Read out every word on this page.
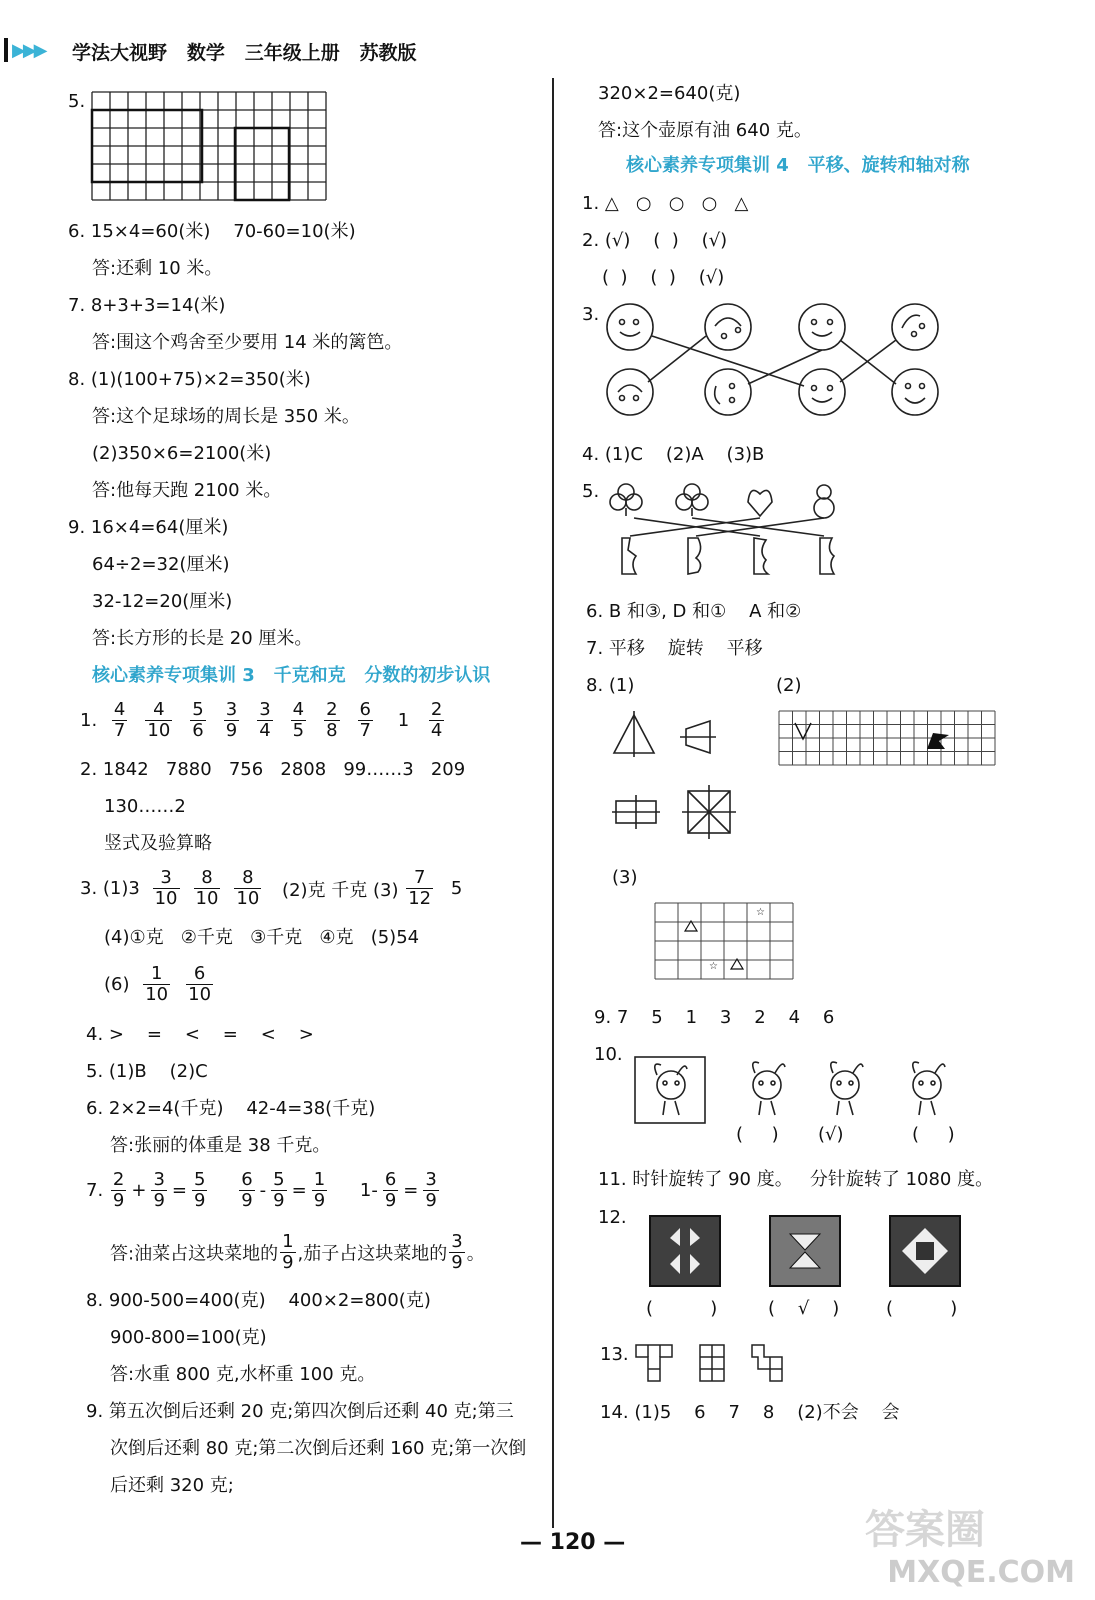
▶▶▶ 学法大视野   数学   三年级上册   苏教版
5.
6. 15×4=60(米)    70-60=10(米)
答:还剩 10 米。
7. 8+3+3=14(米)
答:围这个鸡舍至少要用 14 米的篱笆。
8. (1)(100+75)×2=350(米)
答:这个足球场的周长是 350 米。
(2)350×6=2100(米)
答:他每天跑 2100 米。
9. 16×4=64(厘米)
64÷2=32(厘米)
32-12=20(厘米)
答:长方形的长是 20 厘米。
核心素养专项集训 3   千克和克   分数的初步认识
1. $\frac{4}{7} \frac{4}{10} \frac{5}{6} \frac{3}{9} \frac{3}{4} \frac{4}{5} \frac{2}{8} \frac{6}{7} 1 \frac{2}{4}$
2. 1842   7880   756   2808   99……3   209
130……2
竖式及验算略
3. $(1)3 \frac{3}{10} \frac{8}{10} \frac{8}{10} (2)$克 千克 $(3) \frac{7}{12} 5$
(4)①克   ②千克   ③千克   ④克   (5)54
$(6) \frac{1}{10} \frac{6}{10}$
4. >    =    <    =    <    >
5. (1)B    (2)C
6. 2×2=4(千克)    42-4=38(千克)
答:张丽的体重是 38 千克。
7. $\frac{2}{9} + \frac{3}{9} = \frac{5}{9}$
$\frac{6}{9} - \frac{5}{9} = \frac{1}{9} 1- \frac{6}{9} = \frac{3}{9}$
答:油菜占这块菜地的 $\frac{1}{9}$ ,茄子占这块菜地的 $\frac{3}{9}$ 。
8. 900-500=400(克)    400×2=800(克)
900-800=100(克)
答:水重 800 克,水杯重 100 克。
9. 第五次倒后还剩 20 克;第四次倒后还剩 40 克;第三
次倒后还剩 80 克;第二次倒后还剩 160 克;第一次倒
后还剩 320 克;
320×2=640(克)
答:这个壶原有油 640 克。
核心素养专项集训 4   平移、旋转和轴对称
1. △   ○   ○   ○   △
2. (√)    (  )    (√)
(  )    (  )    (√)
3.
4. (1)C    (2)A    (3)B
5.
6. B 和③, D 和①    A 和②
7. 平移    旋转    平移
8. (1)	(2)
(3)
☆
☆
9. 7    5    1    3    2    4    6
10.
(     ) (√)	(     )
11. 时针旋转了 90 度。   分针旋转了 1080 度。
12.
(          )	(    √    )	(          )
13.
14. (1)5    6    7    8    (2)不会    会
— 120 —	答案圈
MXQE.COM
